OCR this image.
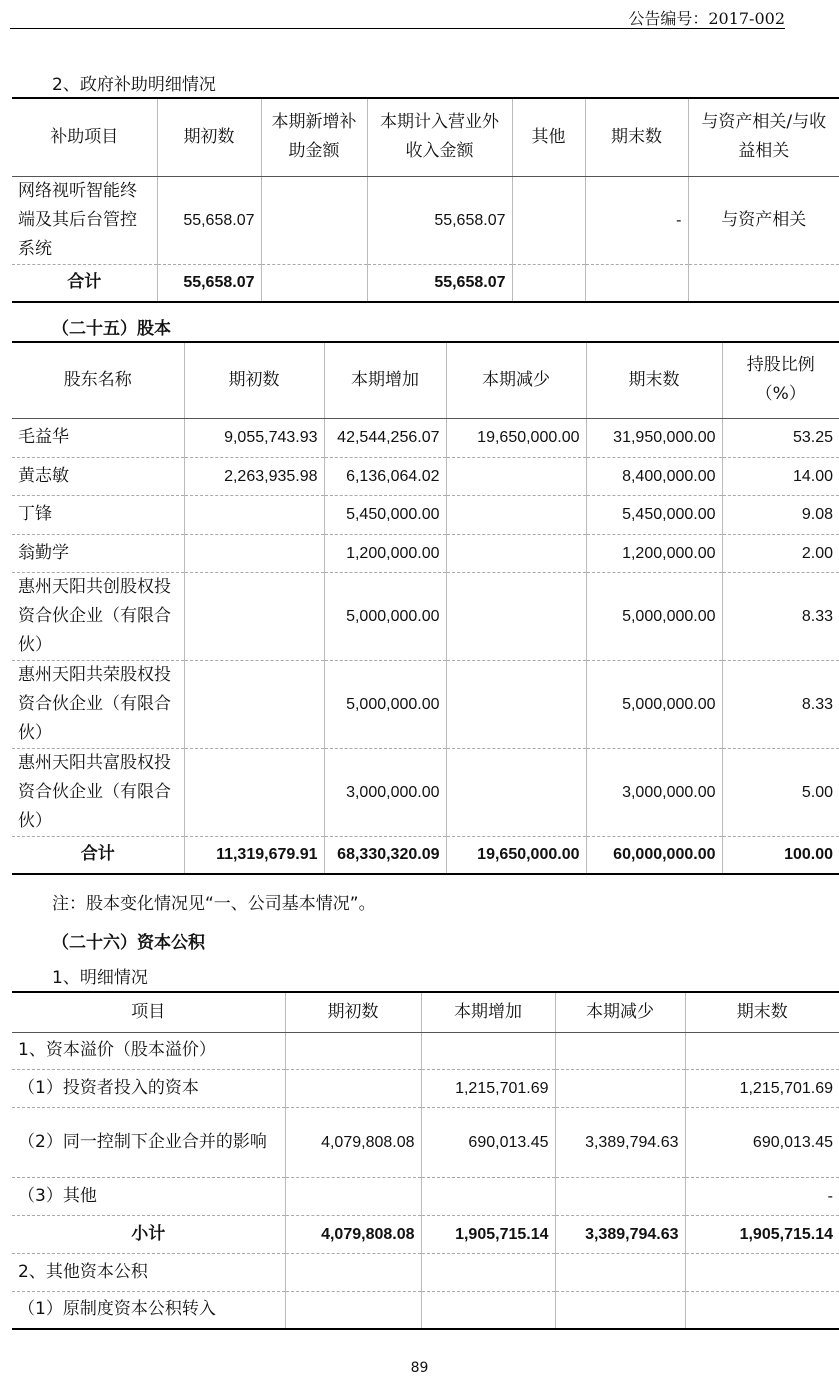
公告编号：2017-002
2、政府补助明细情况
补助项目	期初数	本期新增补助金额	本期计入营业外收入金额	其他	期末数	与资产相关/与收益相关
网络视听智能终端及其后台管控系统	55,658.07		55,658.07		-	与资产相关
合计	55,658.07		55,658.07			
（二十五）股本
股东名称	期初数	本期增加	本期减少	期末数	持股比例（%）
毛益华	9,055,743.93	42,544,256.07	19,650,000.00	31,950,000.00	53.25
黄志敏	2,263,935.98	6,136,064.02		8,400,000.00	14.00
丁锋		5,450,000.00		5,450,000.00	9.08
翁勤学		1,200,000.00		1,200,000.00	2.00
惠州天阳共创股权投资合伙企业（有限合伙）		5,000,000.00		5,000,000.00	8.33
惠州天阳共荣股权投资合伙企业（有限合伙）		5,000,000.00		5,000,000.00	8.33
惠州天阳共富股权投资合伙企业（有限合伙）		3,000,000.00		3,000,000.00	5.00
合计	11,319,679.91	68,330,320.09	19,650,000.00	60,000,000.00	100.00
注：股本变化情况见“一、公司基本情况”。
（二十六）资本公积
1、明细情况
项目	期初数	本期增加	本期减少	期末数
1、资本溢价（股本溢价）				
（1）投资者投入的资本		1,215,701.69		1,215,701.69
（2）同一控制下企业合并的影响	4,079,808.08	690,013.45	3,389,794.63	690,013.45
（3）其他				-
小计	4,079,808.08	1,905,715.14	3,389,794.63	1,905,715.14
2、其他资本公积				
（1）原制度资本公积转入				
89
